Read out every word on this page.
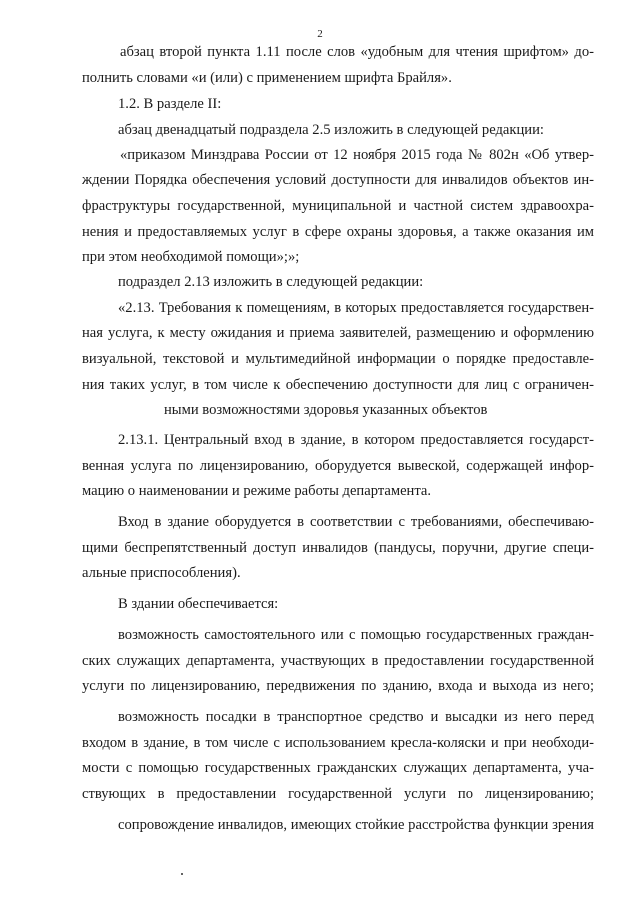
2
абзац второй пункта 1.11 после слов «удобным для чтения шрифтом» до-
полнить словами «и (или) с применением шрифта Брайля».
1.2. В разделе II:
абзац двенадцатый подраздела 2.5 изложить в следующей редакции:
«приказом Минздрава России от 12 ноября 2015 года № 802н «Об утвер-
ждении Порядка обеспечения условий доступности для инвалидов объектов ин-
фраструктуры государственной, муниципальной и частной систем здравоохра-
нения и предоставляемых услуг в сфере охраны здоровья, а также оказания им
при этом необходимой помощи»;»;
подраздел 2.13 изложить в следующей редакции:
«2.13. Требования к помещениям, в которых предоставляется государствен-
ная услуга, к месту ожидания и приема заявителей, размещению и оформлению
визуальной, текстовой и мультимедийной информации о порядке предоставле-
ния таких услуг, в том числе к обеспечению доступности для лиц с ограничен-
ными возможностями здоровья указанных объектов
2.13.1. Центральный вход в здание, в котором предоставляется государст-
венная услуга по лицензированию, оборудуется вывеской, содержащей инфор-
мацию о наименовании и режиме работы департамента.
Вход в здание оборудуется в соответствии с требованиями, обеспечиваю-
щими беспрепятственный доступ инвалидов (пандусы, поручни, другие специ-
альные приспособления).
В здании обеспечивается:
возможность самостоятельного или с помощью государственных граждан-
ских служащих департамента, участвующих в предоставлении государственной
услуги по лицензированию, передвижения по зданию, входа и выхода из него;
возможность посадки в транспортное средство и высадки из него перед
входом в здание, в том числе с использованием кресла-коляски и при необходи-
мости с помощью государственных гражданских служащих департамента, уча-
ствующих в предоставлении государственной услуги по лицензированию;
сопровождение инвалидов, имеющих стойкие расстройства функции зрения
